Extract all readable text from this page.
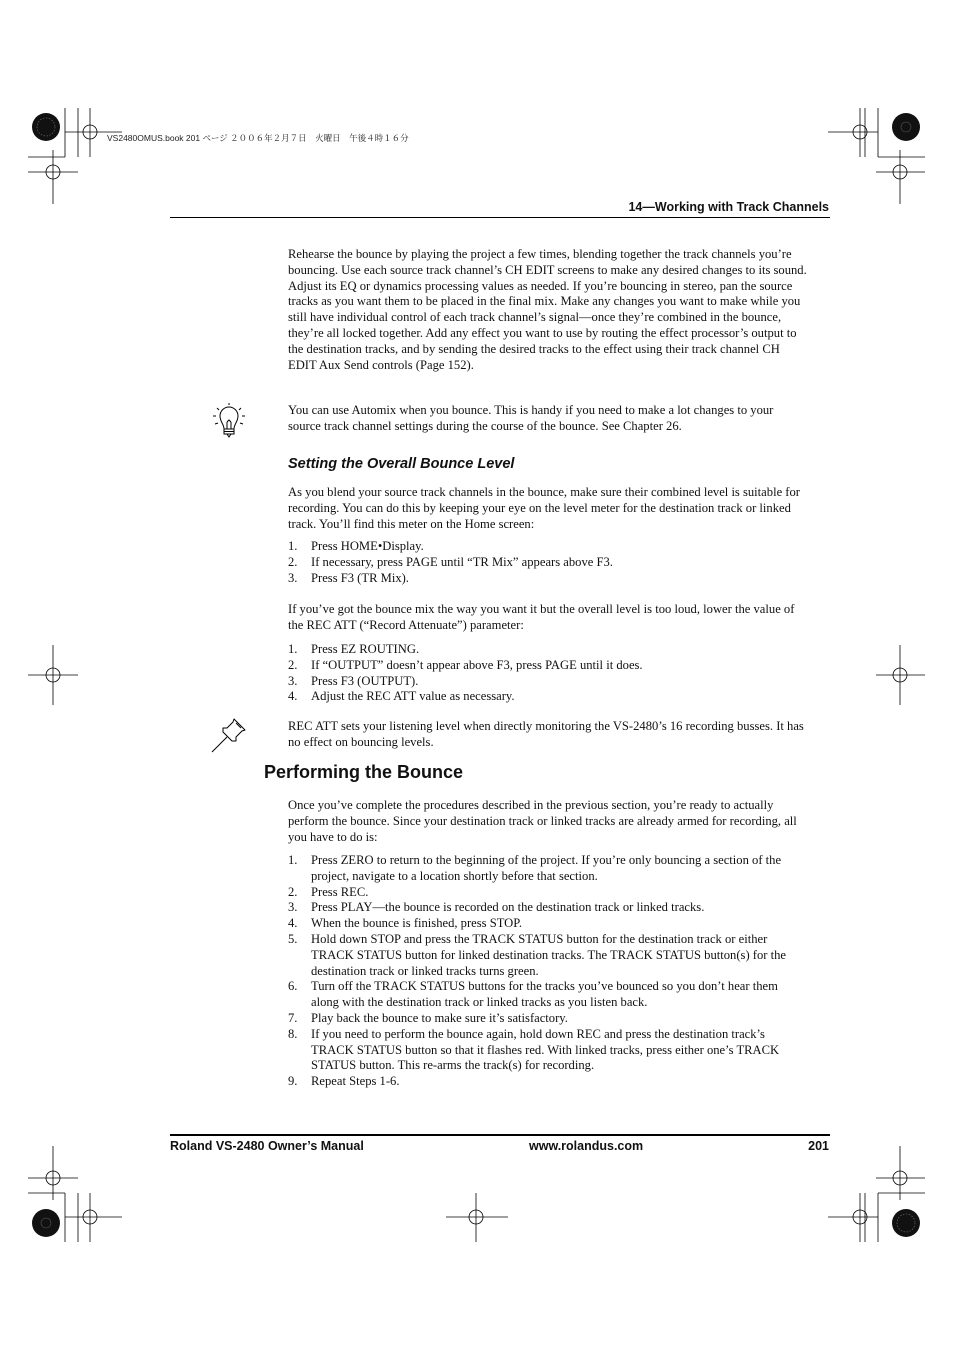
VS2480OMUS.book 201 ページ ２００６年２月７日　火曜日　午後４時１６分
14—Working with Track Channels

Rehearse the bounce by playing the project a few times, blending together the track channels you’re bouncing. Use each source track channel’s CH EDIT screens to make any desired changes to its sound. Adjust its EQ or dynamics processing values as needed. If you’re bouncing in stereo, pan the source tracks as you want them to be placed in the final mix. Make any changes you want to make while you still have individual control of each track channel’s signal—once they’re combined in the bounce, they’re all locked together. Add any effect you want to use by routing the effect processor’s output to the destination tracks, and by sending the desired tracks to the effect using their track channel CH EDIT Aux Send controls (Page 152).

You can use Automix when you bounce. This is handy if you need to make a lot changes to your source track channel settings during the course of the bounce. See Chapter 26.

Setting the Overall Bounce Level

As you blend your source track channels in the bounce, make sure their combined level is suitable for recording. You can do this by keeping your eye on the level meter for the destination track or linked track. You’ll find this meter on the Home screen:

1. Press HOME•Display.
2. If necessary, press PAGE until “TR Mix” appears above F3.
3. Press F3 (TR Mix).

If you’ve got the bounce mix the way you want it but the overall level is too loud, lower the value of the REC ATT (“Record Attenuate”) parameter:

1. Press EZ ROUTING.
2. If “OUTPUT” doesn’t appear above F3, press PAGE until it does.
3. Press F3 (OUTPUT).
4. Adjust the REC ATT value as necessary.

REC ATT sets your listening level when directly monitoring the VS-2480’s 16 recording busses. It has no effect on bouncing levels.

Performing the Bounce

Once you’ve complete the procedures described in the previous section, you’re ready to actually perform the bounce. Since your destination track or linked tracks are already armed for recording, all you have to do is:

1. Press ZERO to return to the beginning of the project. If you’re only bouncing a section of the project, navigate to a location shortly before that section.
2. Press REC.
3. Press PLAY—the bounce is recorded on the destination track or linked tracks.
4. When the bounce is finished, press STOP.
5. Hold down STOP and press the TRACK STATUS button for the destination track or either TRACK STATUS button for linked destination tracks. The TRACK STATUS button(s) for the destination track or linked tracks turns green.
6. Turn off the TRACK STATUS buttons for the tracks you’ve bounced so you don’t hear them along with the destination track or linked tracks as you listen back.
7. Play back the bounce to make sure it’s satisfactory.
8. If you need to perform the bounce again, hold down REC and press the destination track’s TRACK STATUS button so that it flashes red. With linked tracks, press either one’s TRACK STATUS button. This re-arms the track(s) for recording.
9. Repeat Steps 1-6.
Roland VS-2480 Owner’s Manual	www.rolandus.com	201
